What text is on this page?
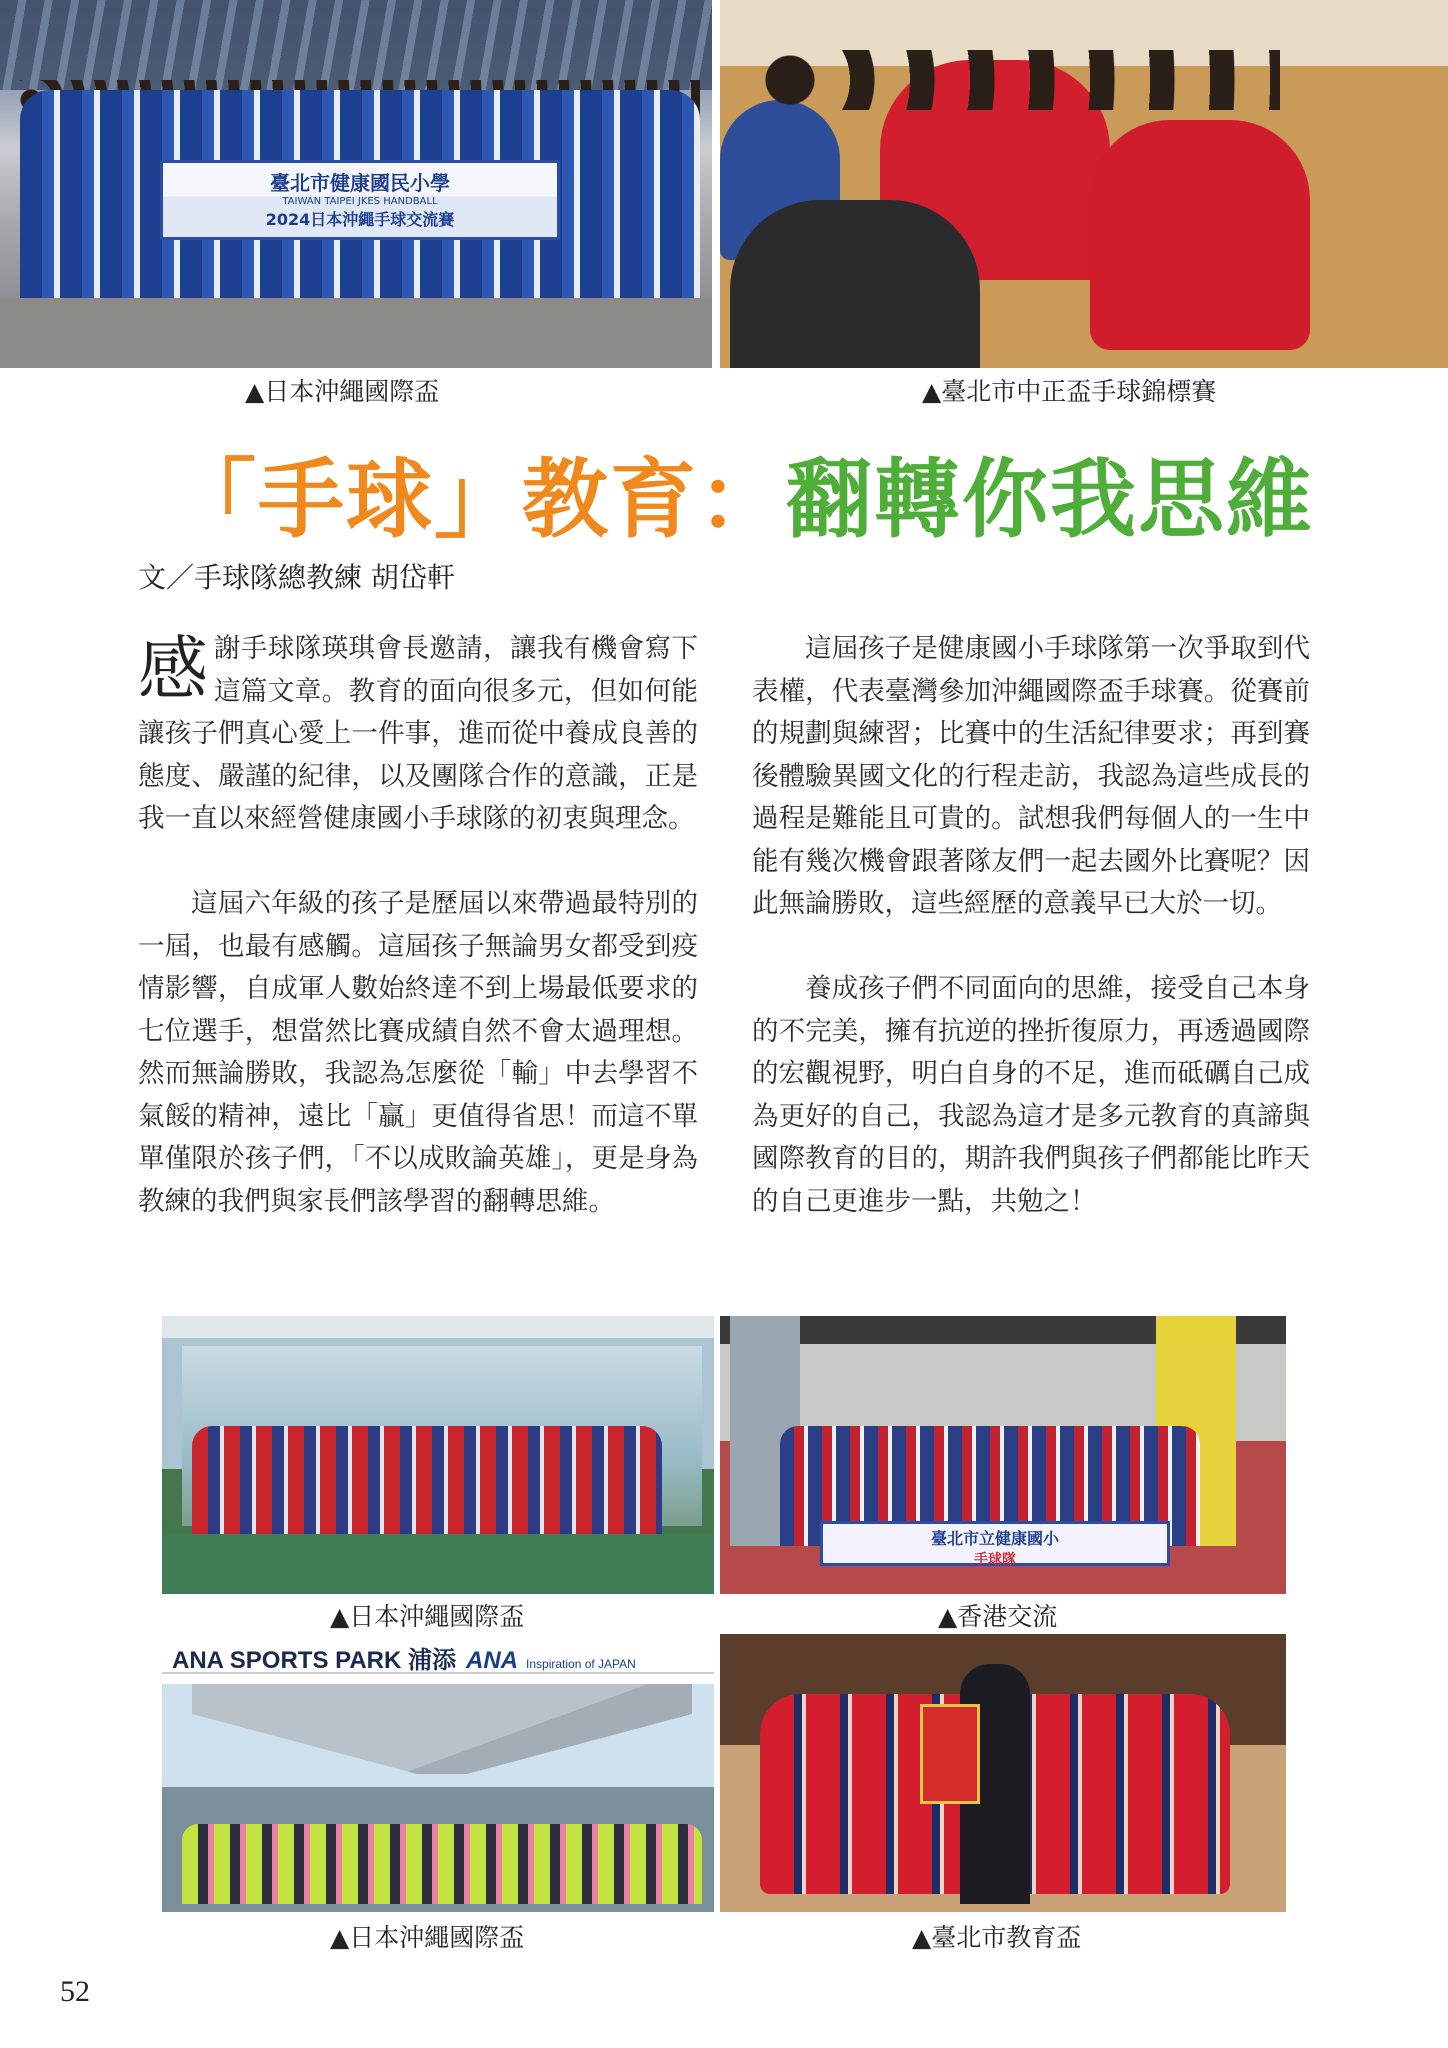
臺北市健康國民小學
TAIWAN TAIPEI JKES HANDBALL
2024日本沖繩手球交流賽
▲日本沖繩國際盃	▲臺北市中正盃手球錦標賽
「手球」教育：翻轉你我思維
文／手球隊總教練 胡岱軒

感謝手球隊瑛琪會長邀請，讓我有機會寫下這篇文章。教育的面向很多元，但如何能讓孩子們真心愛上一件事，進而從中養成良善的態度、嚴謹的紀律，以及團隊合作的意識，正是我一直以來經營健康國小手球隊的初衷與理念。

這屆六年級的孩子是歷屆以來帶過最特別的一屆，也最有感觸。這屆孩子無論男女都受到疫情影響，自成軍人數始終達不到上場最低要求的七位選手，想當然比賽成績自然不會太過理想。然而無論勝敗，我認為怎麼從「輸」中去學習不氣餒的精神，遠比「贏」更值得省思！而這不單單僅限於孩子們，「不以成敗論英雄」，更是身為教練的我們與家長們該學習的翻轉思維。

這屆孩子是健康國小手球隊第一次爭取到代表權，代表臺灣參加沖繩國際盃手球賽。從賽前的規劃與練習；比賽中的生活紀律要求；再到賽後體驗異國文化的行程走訪，我認為這些成長的過程是難能且可貴的。試想我們每個人的一生中能有幾次機會跟著隊友們一起去國外比賽呢？因此無論勝敗，這些經歷的意義早已大於一切。

養成孩子們不同面向的思維，接受自己本身的不完美，擁有抗逆的挫折復原力，再透過國際的宏觀視野，明白自身的不足，進而砥礪自己成為更好的自己，我認為這才是多元教育的真諦與國際教育的目的，期許我們與孩子們都能比昨天的自己更進步一點，共勉之！

▲日本沖繩國際盃
臺北市立健康國小
手球隊
▲香港交流
ANA SPORTS PARK 浦添 ANA Inspiration of JAPAN
▲日本沖繩國際盃	▲臺北市教育盃
52
